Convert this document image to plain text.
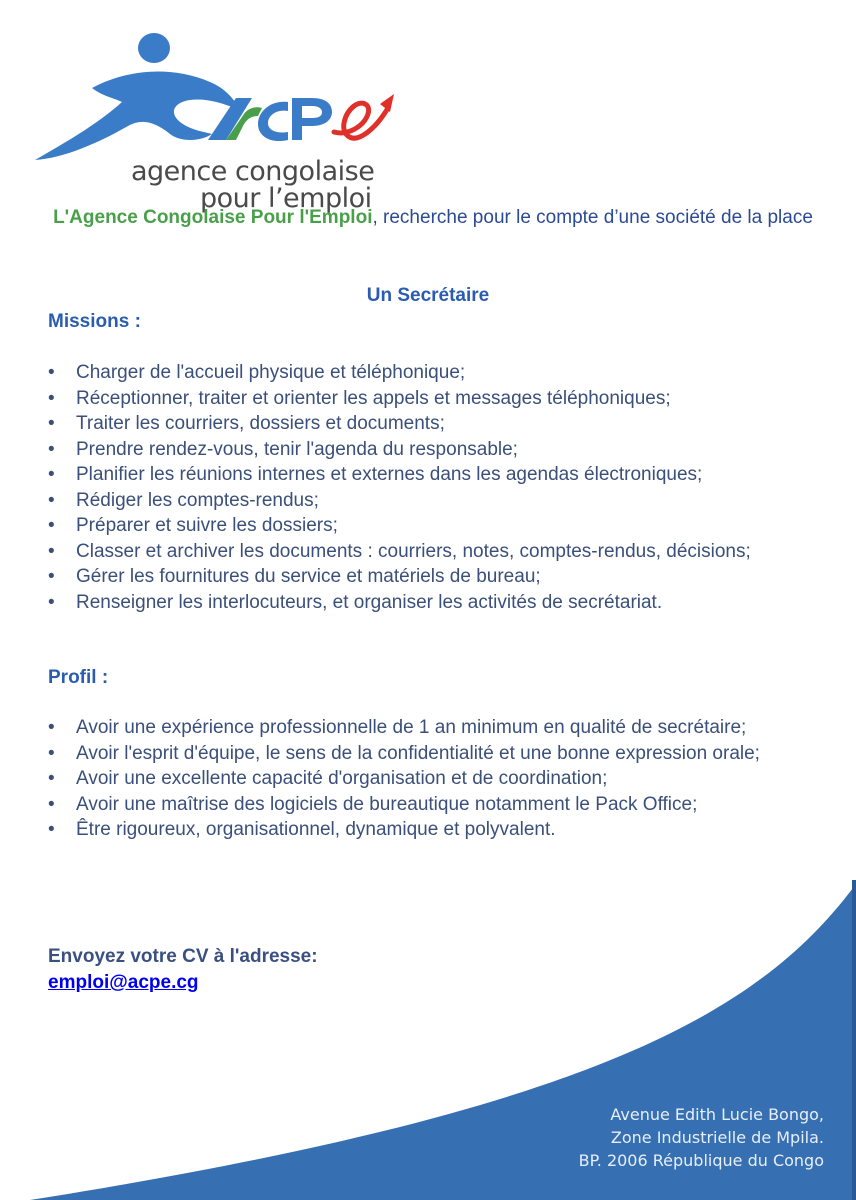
agence congolaise
pour l’emploi

L'Agence Congolaise Pour l'Emploi, recherche pour le compte d’une société de la place

Un Secrétaire
Missions :
• Charger de l'accueil physique et téléphonique;
• Réceptionner, traiter et orienter les appels et messages téléphoniques;
• Traiter les courriers, dossiers et documents;
• Prendre rendez-vous, tenir l'agenda du responsable;
• Planifier les réunions internes et externes dans les agendas électroniques;
• Rédiger les comptes-rendus;
• Préparer et suivre les dossiers;
• Classer et archiver les documents : courriers, notes, comptes-rendus, décisions;
• Gérer les fournitures du service et matériels de bureau;
• Renseigner les interlocuteurs, et organiser les activités de secrétariat.
Profil :
• Avoir une expérience professionnelle de 1 an minimum en qualité de secrétaire;
• Avoir l'esprit d'équipe, le sens de la confidentialité et une bonne expression orale;
• Avoir une excellente capacité d'organisation et de coordination;
• Avoir une maîtrise des logiciels de bureautique notamment le Pack Office;
• Être rigoureux, organisationnel, dynamique et polyvalent.
Envoyez votre CV à l'adresse:
emploi@acpe.cg
Avenue Edith Lucie Bongo,
Zone Industrielle de Mpila.
BP. 2006 République du Congo
